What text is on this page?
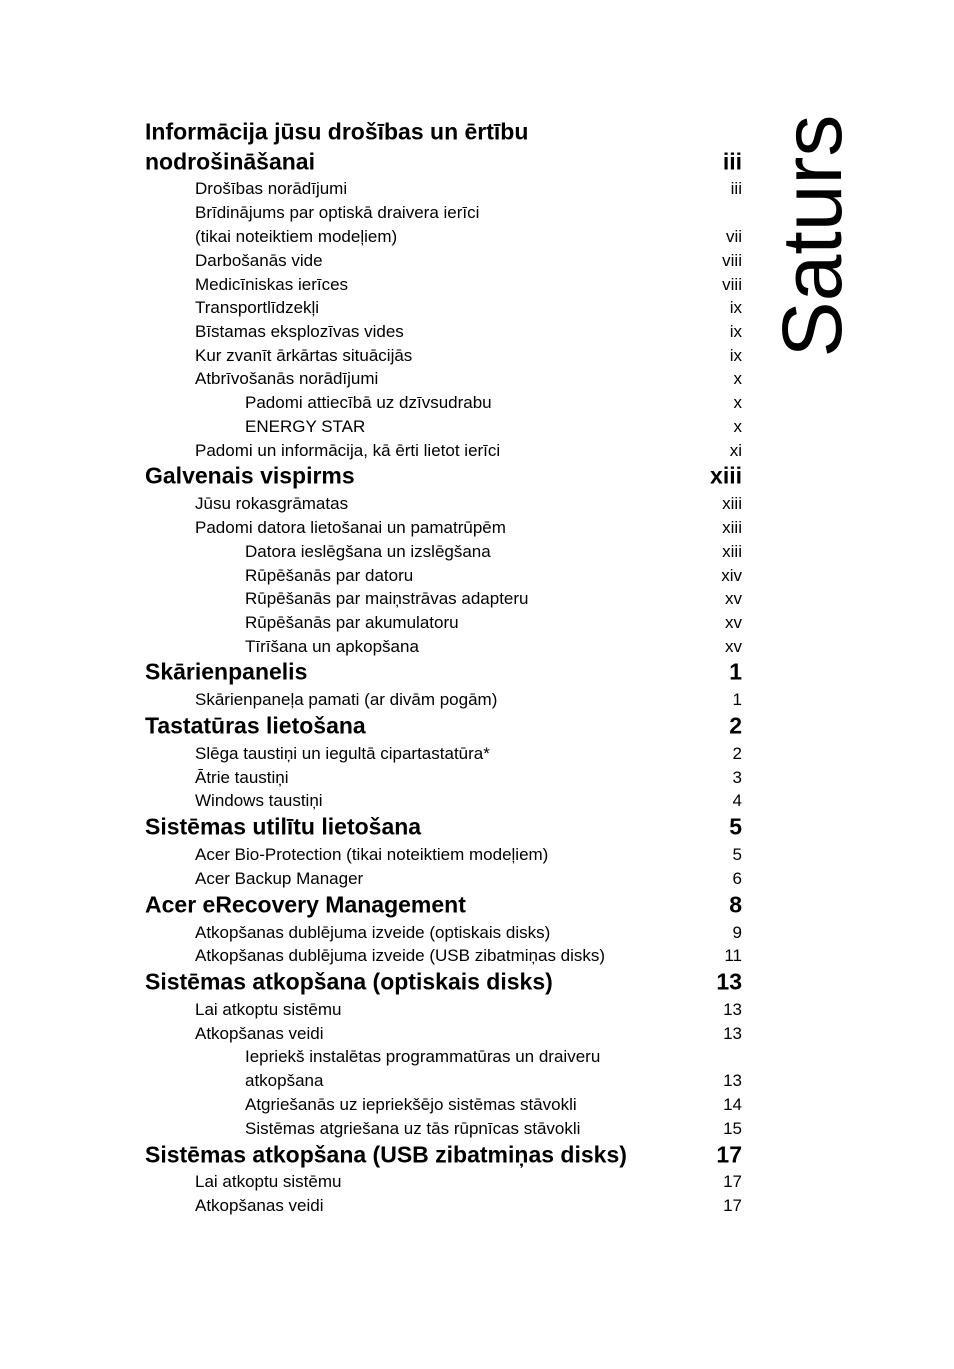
Informācija jūsu drošības un ērtību
nodrošināšanai	iii
Drošības norādījumi	iii
Brīdinājums par optiskā draivera ierīci
(tikai noteiktiem modeļiem)	vii
Darbošanās vide	viii
Medicīniskas ierīces	viii
Transportlīdzekļi	ix
Bīstamas eksplozīvas vides	ix
Kur zvanīt ārkārtas situācijās	ix
Atbrīvošanās norādījumi	x
Padomi attiecībā uz dzīvsudrabu	x
ENERGY STAR	x
Padomi un informācija, kā ērti lietot ierīci	xi
Galvenais vispirms	xiii
Jūsu rokasgrāmatas	xiii
Padomi datora lietošanai un pamatrūpēm	xiii
Datora ieslēgšana un izslēgšana	xiii
Rūpēšanās par datoru	xiv
Rūpēšanās par maiņstrāvas adapteru	xv
Rūpēšanās par akumulatoru	xv
Tīrīšana un apkopšana	xv
Skārienpanelis	1
Skārienpaneļa pamati (ar divām pogām)	1
Tastatūras lietošana	2
Slēga taustiņi un iegultā cipartastatūra*	2
Ātrie taustiņi	3
Windows taustiņi	4
Sistēmas utilītu lietošana	5
Acer Bio-Protection (tikai noteiktiem modeļiem)	5
Acer Backup Manager	6
Acer eRecovery Management	8
Atkopšanas dublējuma izveide (optiskais disks)	9
Atkopšanas dublējuma izveide (USB zibatmiņas disks)	11
Sistēmas atkopšana (optiskais disks)	13
Lai atkoptu sistēmu	13
Atkopšanas veidi	13
Iepriekš instalētas programmatūras un draiveru
atkopšana	13
Atgriešanās uz iepriekšējo sistēmas stāvokli	14
Sistēmas atgriešana uz tās rūpnīcas stāvokli	15
Sistēmas atkopšana (USB zibatmiņas disks)	17
Lai atkoptu sistēmu	17
Atkopšanas veidi	17
Saturs
